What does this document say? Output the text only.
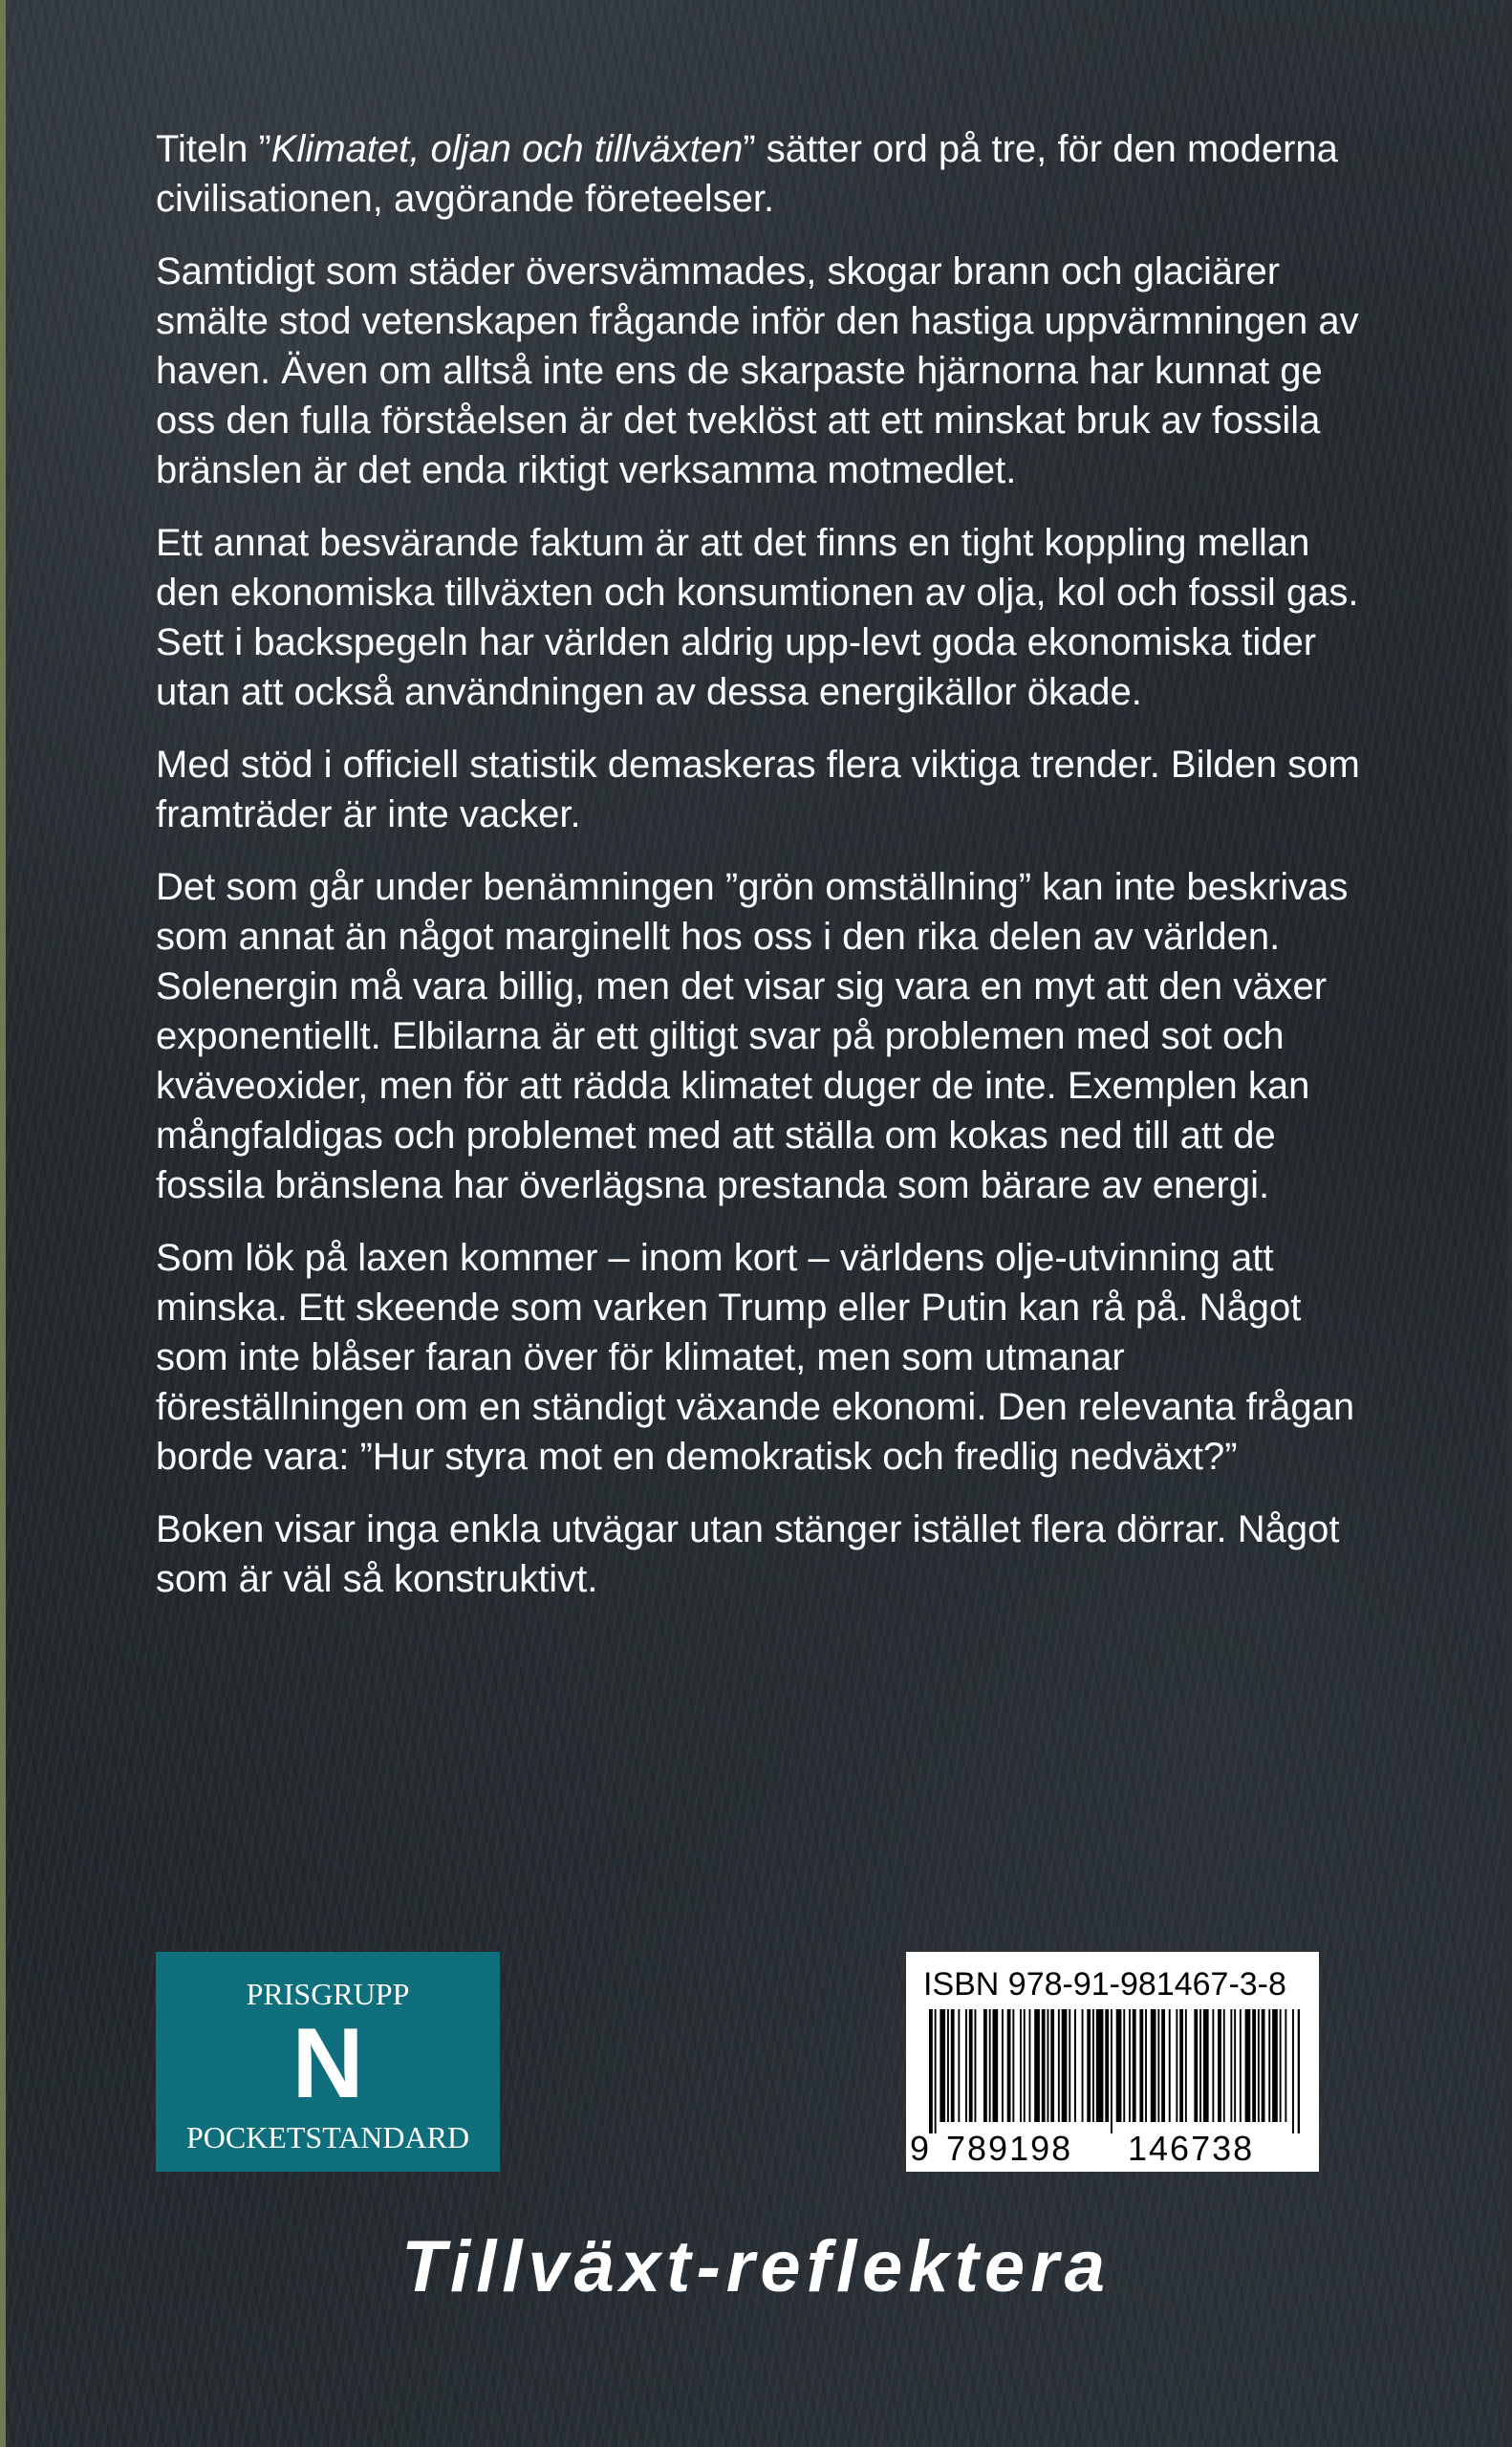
Titeln ”Klimatet, oljan och tillväxten” sätter ord på tre, för den moderna civilisationen, avgörande företeelser.

Samtidigt som städer översvämmades, skogar brann och glaciärer smälte stod vetenskapen frågande inför den hastiga uppvärmningen av haven. Även om alltså inte ens de skarpaste hjärnorna har kunnat ge oss den fulla förståelsen är det tveklöst att ett minskat bruk av fossila bränslen är det enda riktigt verksamma motmedlet.

Ett annat besvärande faktum är att det finns en tight koppling mellan den ekonomiska tillväxten och konsumtionen av olja, kol och fossil gas. Sett i backspegeln har världen aldrig upp-levt goda ekonomiska tider utan att också användningen av dessa energikällor ökade.

Med stöd i officiell statistik demaskeras flera viktiga trender. Bilden som framträder är inte vacker.

Det som går under benämningen ”grön omställning” kan inte beskrivas som annat än något marginellt hos oss i den rika delen av världen. Solenergin må vara billig, men det visar sig vara en myt att den växer exponentiellt. Elbilarna är ett giltigt svar på problemen med sot och kväveoxider, men för att rädda klimatet duger de inte. Exemplen kan mångfaldigas och problemet med att ställa om kokas ned till att de fossila bränslena har överlägsna prestanda som bärare av energi.

Som lök på laxen kommer – inom kort – världens olje-utvinning att minska. Ett skeende som varken Trump eller Putin kan rå på. Något som inte blåser faran över för klimatet, men som utmanar föreställningen om en ständigt växande ekonomi. Den relevanta frågan borde vara: ”Hur styra mot en demokratisk och fredlig nedväxt?”

Boken visar inga enkla utvägar utan stänger istället flera dörrar. Något som är väl så konstruktivt.

PRISGRUPP
N
POCKETSTANDARD
ISBN 978-91-981467-3-8
9 789198 146738
Tillväxt-reflektera
